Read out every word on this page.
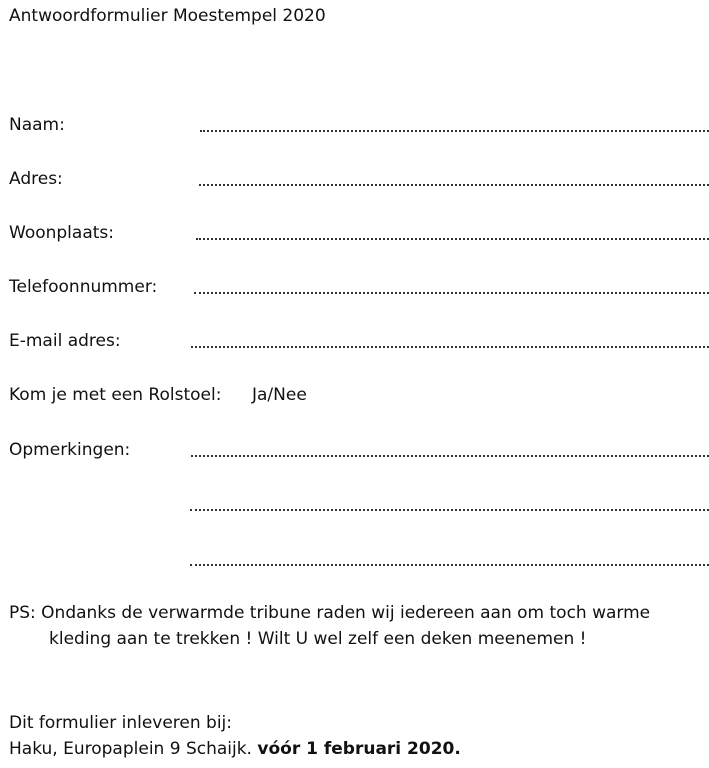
Antwoordformulier Moestempel 2020
Naam:
Adres:
Woonplaats:
Telefoonnummer:
E-mail adres:
Kom je met een Rolstoel: Ja/Nee
Opmerkingen:
PS: Ondanks de verwarmde tribune raden wij iedereen aan om toch warme
kleding aan te trekken ! Wilt U wel zelf een deken meenemen !
Dit formulier inleveren bij:
Haku, Europaplein 9 Schaijk. vóór 1 februari 2020.
